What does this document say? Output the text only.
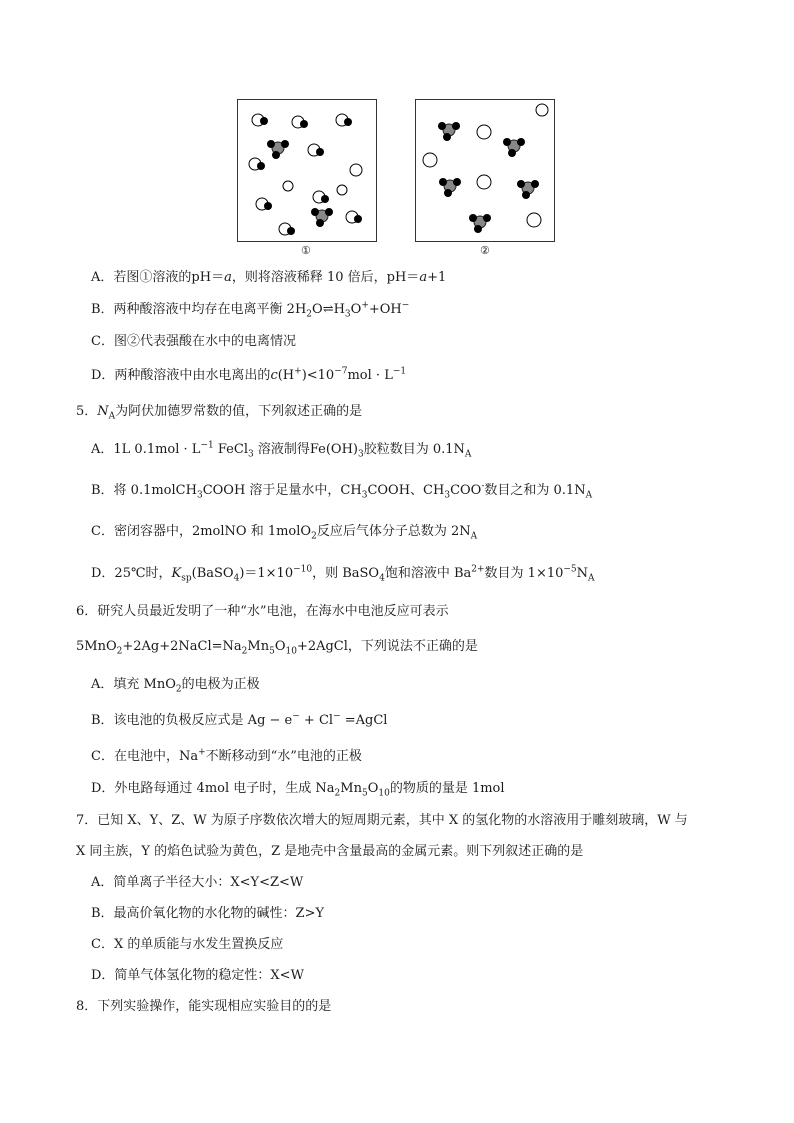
①	②
A．若图①溶液的pH＝a，则将溶液稀释 10 倍后，pH＝a+1
B．两种酸溶液中均存在电离平衡 $2H_2O\rightleftharpoons H_3O^++OH^-$
C．图②代表强酸在水中的电离情况
D．两种酸溶液中由水电离出的$c(H^+)<10^{-7}mol \cdot L^{-1}$
5．$N_A$为阿伏加德罗常数的值，下列叙述正确的是
A．1L $0.1mol \cdot L^{-1}$ FeCl$_3$ 溶液制得$Fe(OH)_3$胶粒数目为 $0.1N_A$
B．将 0.1molCH$_3$COOH 溶于足量水中，$CH_3COOH$、$CH_3COO^-$数目之和为 $0.1N_A$
C．密闭容器中，2molNO 和 1molO$_2$反应后气体分子总数为 $2N_A$
D．25℃时，$K_{sp}(BaSO_4)=1\times 10^{-10}$，则 BaSO$_4$饱和溶液中 $Ba^{2+}$数目为 $1\times 10^{-5}N_A$
6．研究人员最近发明了一种“水”电池，在海水中电池反应可表示
$5MnO_2+2Ag+2NaCl=Na_2Mn_5O_{10}+2AgCl$，下列说法不正确的是
A．填充 MnO$_2$的电极为正极
B．该电池的负极反应式是 Ag − e− + Cl− =AgCl
C．在电池中，Na+不断移动到“水”电池的正极
D．外电路每通过 4mol 电子时，生成 $Na_2Mn_5O_{10}$的物质的量是 1mol
7．已知 X、Y、Z、W 为原子序数依次增大的短周期元素，其中 X 的氢化物的水溶液用于雕刻玻璃，W 与
X 同主族，Y 的焰色试验为黄色，Z 是地壳中含量最高的金属元素。则下列叙述正确的是
A．简单离子半径大小：X<Y<Z<W
B．最高价氧化物的水化物的碱性：Z>Y
C．X 的单质能与水发生置换反应
D．简单气体氢化物的稳定性：X<W
8．下列实验操作，能实现相应实验目的的是
